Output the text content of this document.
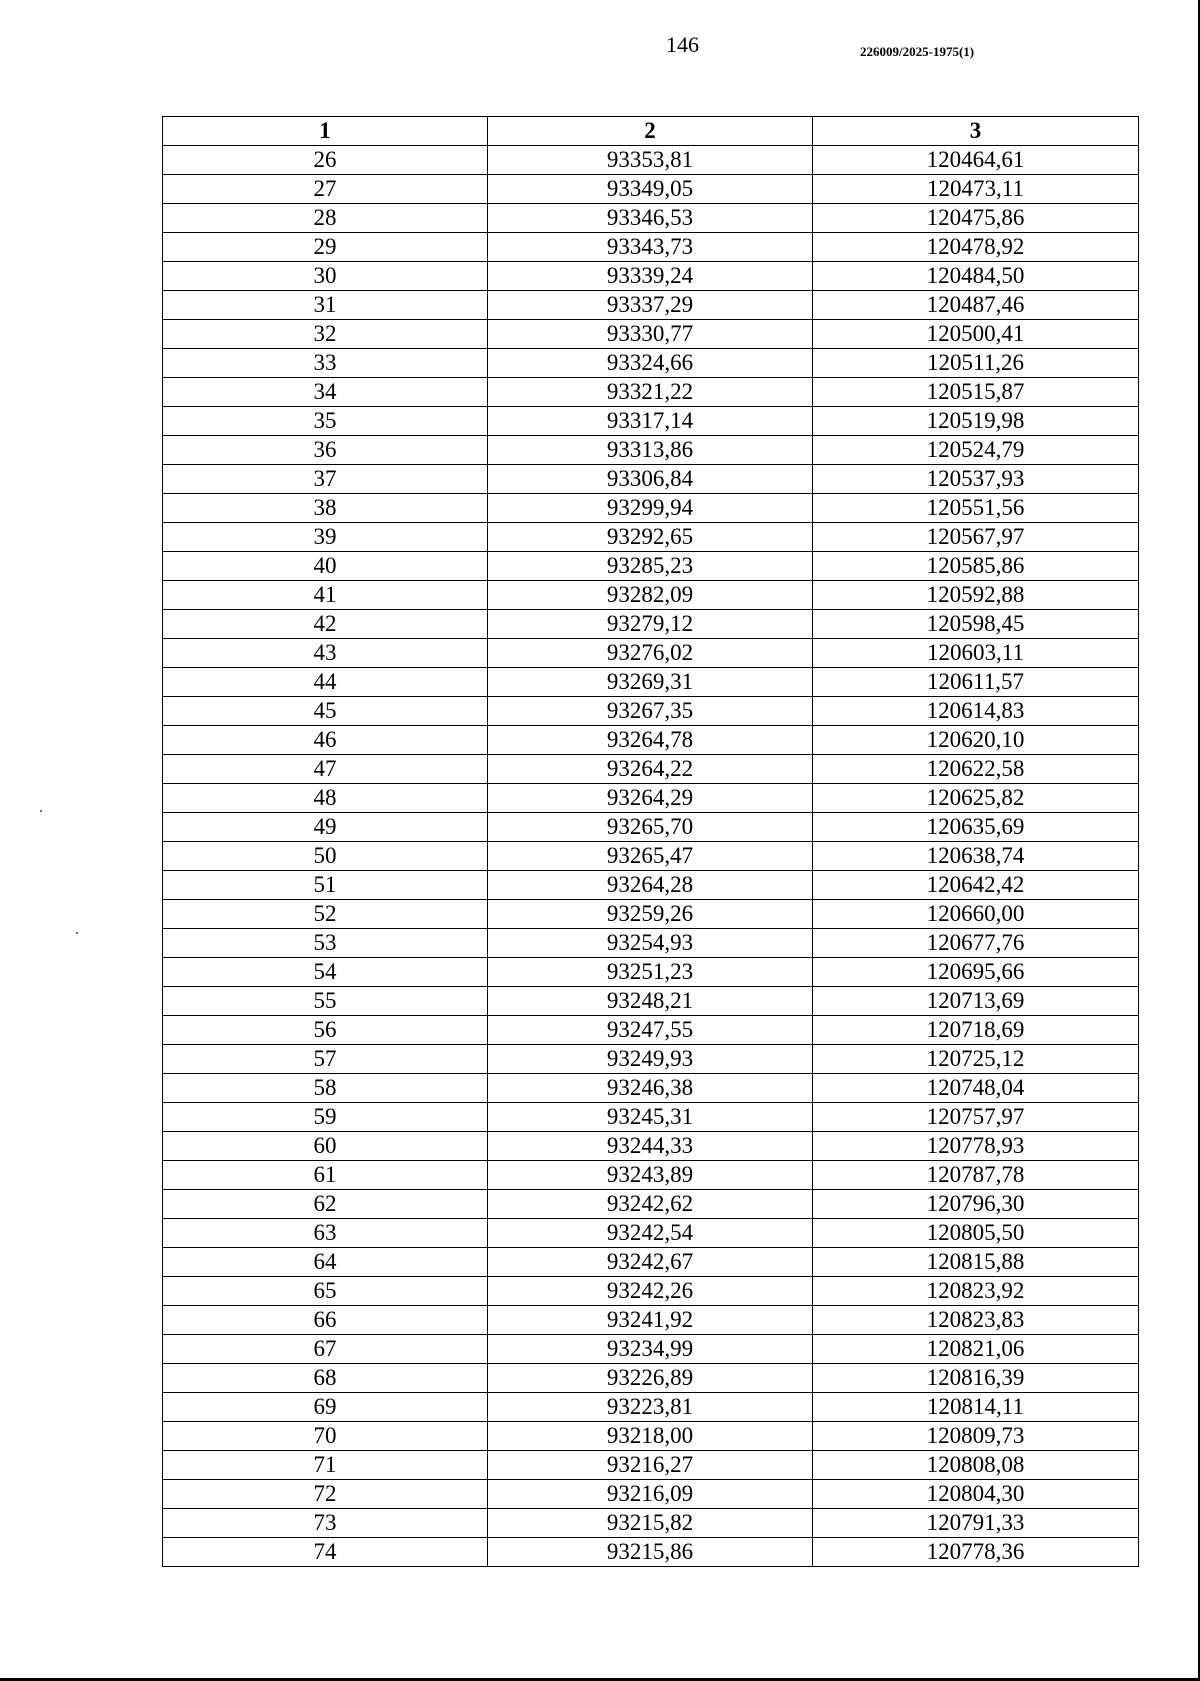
146	226009/2025-1975(1)
1	2	3
26	93353,81	120464,61
27	93349,05	120473,11
28	93346,53	120475,86
29	93343,73	120478,92
30	93339,24	120484,50
31	93337,29	120487,46
32	93330,77	120500,41
33	93324,66	120511,26
34	93321,22	120515,87
35	93317,14	120519,98
36	93313,86	120524,79
37	93306,84	120537,93
38	93299,94	120551,56
39	93292,65	120567,97
40	93285,23	120585,86
41	93282,09	120592,88
42	93279,12	120598,45
43	93276,02	120603,11
44	93269,31	120611,57
45	93267,35	120614,83
46	93264,78	120620,10
47	93264,22	120622,58
48	93264,29	120625,82
49	93265,70	120635,69
50	93265,47	120638,74
51	93264,28	120642,42
52	93259,26	120660,00
53	93254,93	120677,76
54	93251,23	120695,66
55	93248,21	120713,69
56	93247,55	120718,69
57	93249,93	120725,12
58	93246,38	120748,04
59	93245,31	120757,97
60	93244,33	120778,93
61	93243,89	120787,78
62	93242,62	120796,30
63	93242,54	120805,50
64	93242,67	120815,88
65	93242,26	120823,92
66	93241,92	120823,83
67	93234,99	120821,06
68	93226,89	120816,39
69	93223,81	120814,11
70	93218,00	120809,73
71	93216,27	120808,08
72	93216,09	120804,30
73	93215,82	120791,33
74	93215,86	120778,36
